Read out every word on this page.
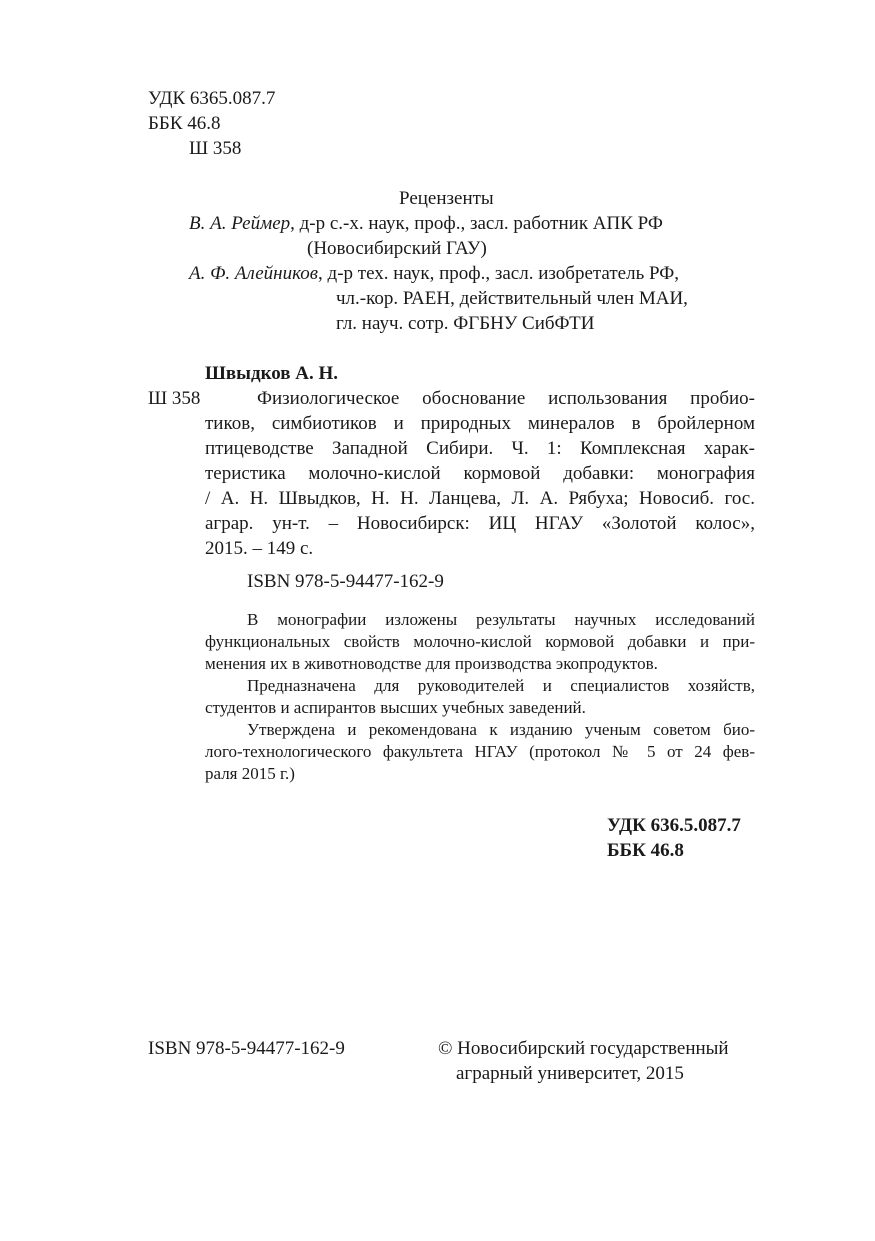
УДК 6365.087.7
ББК 46.8
Ш 358
Рецензенты
В. А. Реймер, д-р с.-х. наук, проф., засл. работник АПК РФ
(Новосибирский ГАУ)
А. Ф. Алейников, д-р тех. наук, проф., засл. изобретатель РФ,
чл.-кор. РАЕН, действительный член МАИ,
гл. науч. сотр. ФГБНУ СибФТИ
Швыдков А. Н.
Ш 358	Физиологическое обоснование использования пробио-
тиков, симбиотиков и природных минералов в бройлерном
птицеводстве Западной Сибири. Ч. 1: Комплексная харак-
теристика молочно-кислой кормовой добавки: монография
/ А. Н. Швыдков, Н. Н. Ланцева, Л. А. Рябуха; Новосиб. гос.
аграр. ун-т. – Новосибирск: ИЦ НГАУ «Золотой колос»,
2015. – 149 с.
ISBN 978-5-94477-162-9
В монографии изложены результаты научных исследований
функциональных свойств молочно-кислой кормовой добавки и при-
менения их в животноводстве для производства экопродуктов.
Предназначена для руководителей и специалистов хозяйств,
студентов и аспирантов высших учебных заведений.
Утверждена и рекомендована к изданию ученым советом био-
лого-технологического факультета НГАУ (протокол № 5 от 24 фев-
раля 2015 г.)
УДК 636.5.087.7
ББК 46.8
ISBN 978-5-94477-162-9	© Новосибирский государственный
аграрный университет, 2015
